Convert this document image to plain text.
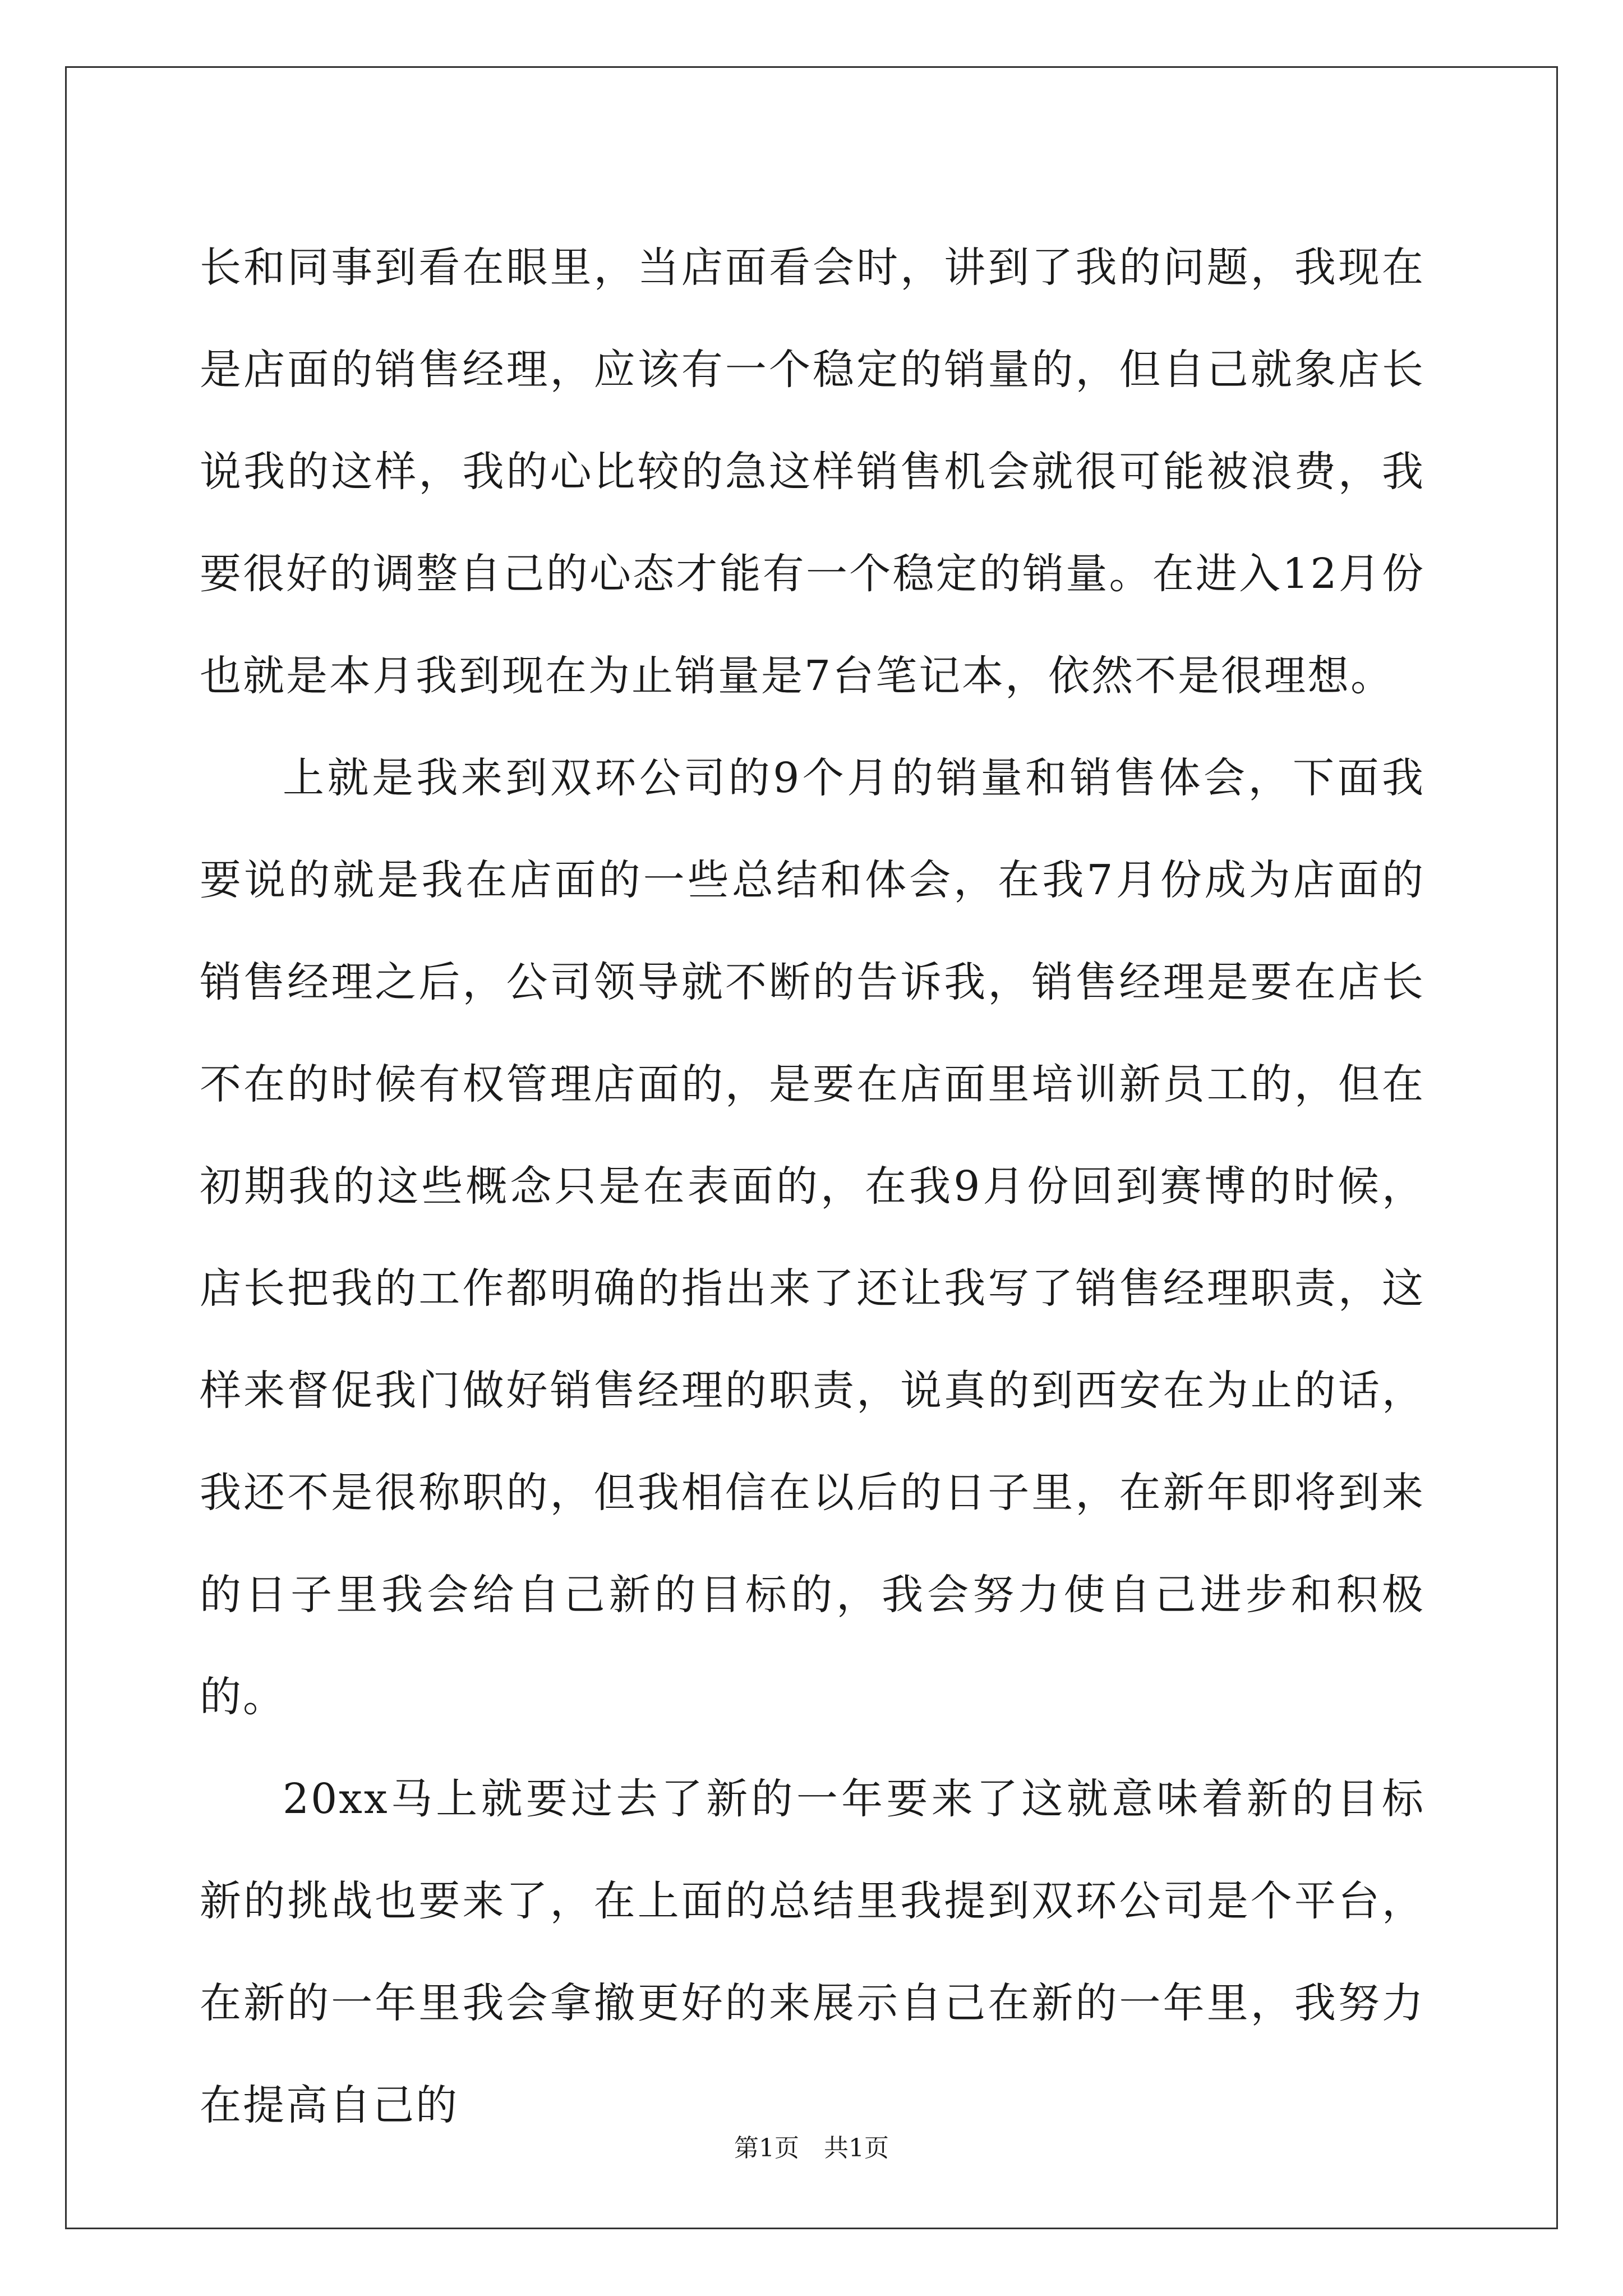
长和同事到看在眼里，当店面看会时，讲到了我的问题，我现在是店面的销售经理，应该有一个稳定的销量的，但自己就象店长说我的这样，我的心比较的急这样销售机会就很可能被浪费，我要很好的调整自己的心态才能有一个稳定的销量。在进入12月份也就是本月我到现在为止销量是7台笔记本，依然不是很理想。

上就是我来到双环公司的9个月的销量和销售体会，下面我要说的就是我在店面的一些总结和体会，在我7月份成为店面的销售经理之后，公司领导就不断的告诉我，销售经理是要在店长不在的时候有权管理店面的，是要在店面里培训新员工的，但在初期我的这些概念只是在表面的，在我9月份回到赛博的时候，店长把我的工作都明确的指出来了还让我写了销售经理职责，这样来督促我门做好销售经理的职责，说真的到西安在为止的话，我还不是很称职的，但我相信在以后的日子里，在新年即将到来的日子里我会给自己新的目标的，我会努力使自己进步和积极的。

20xx马上就要过去了新的一年要来了这就意味着新的目标新的挑战也要来了，在上面的总结里我提到双环公司是个平台，在新的一年里我会拿撤更好的来展示自己在新的一年里，我努力在提高自己的

第1页　共1页
